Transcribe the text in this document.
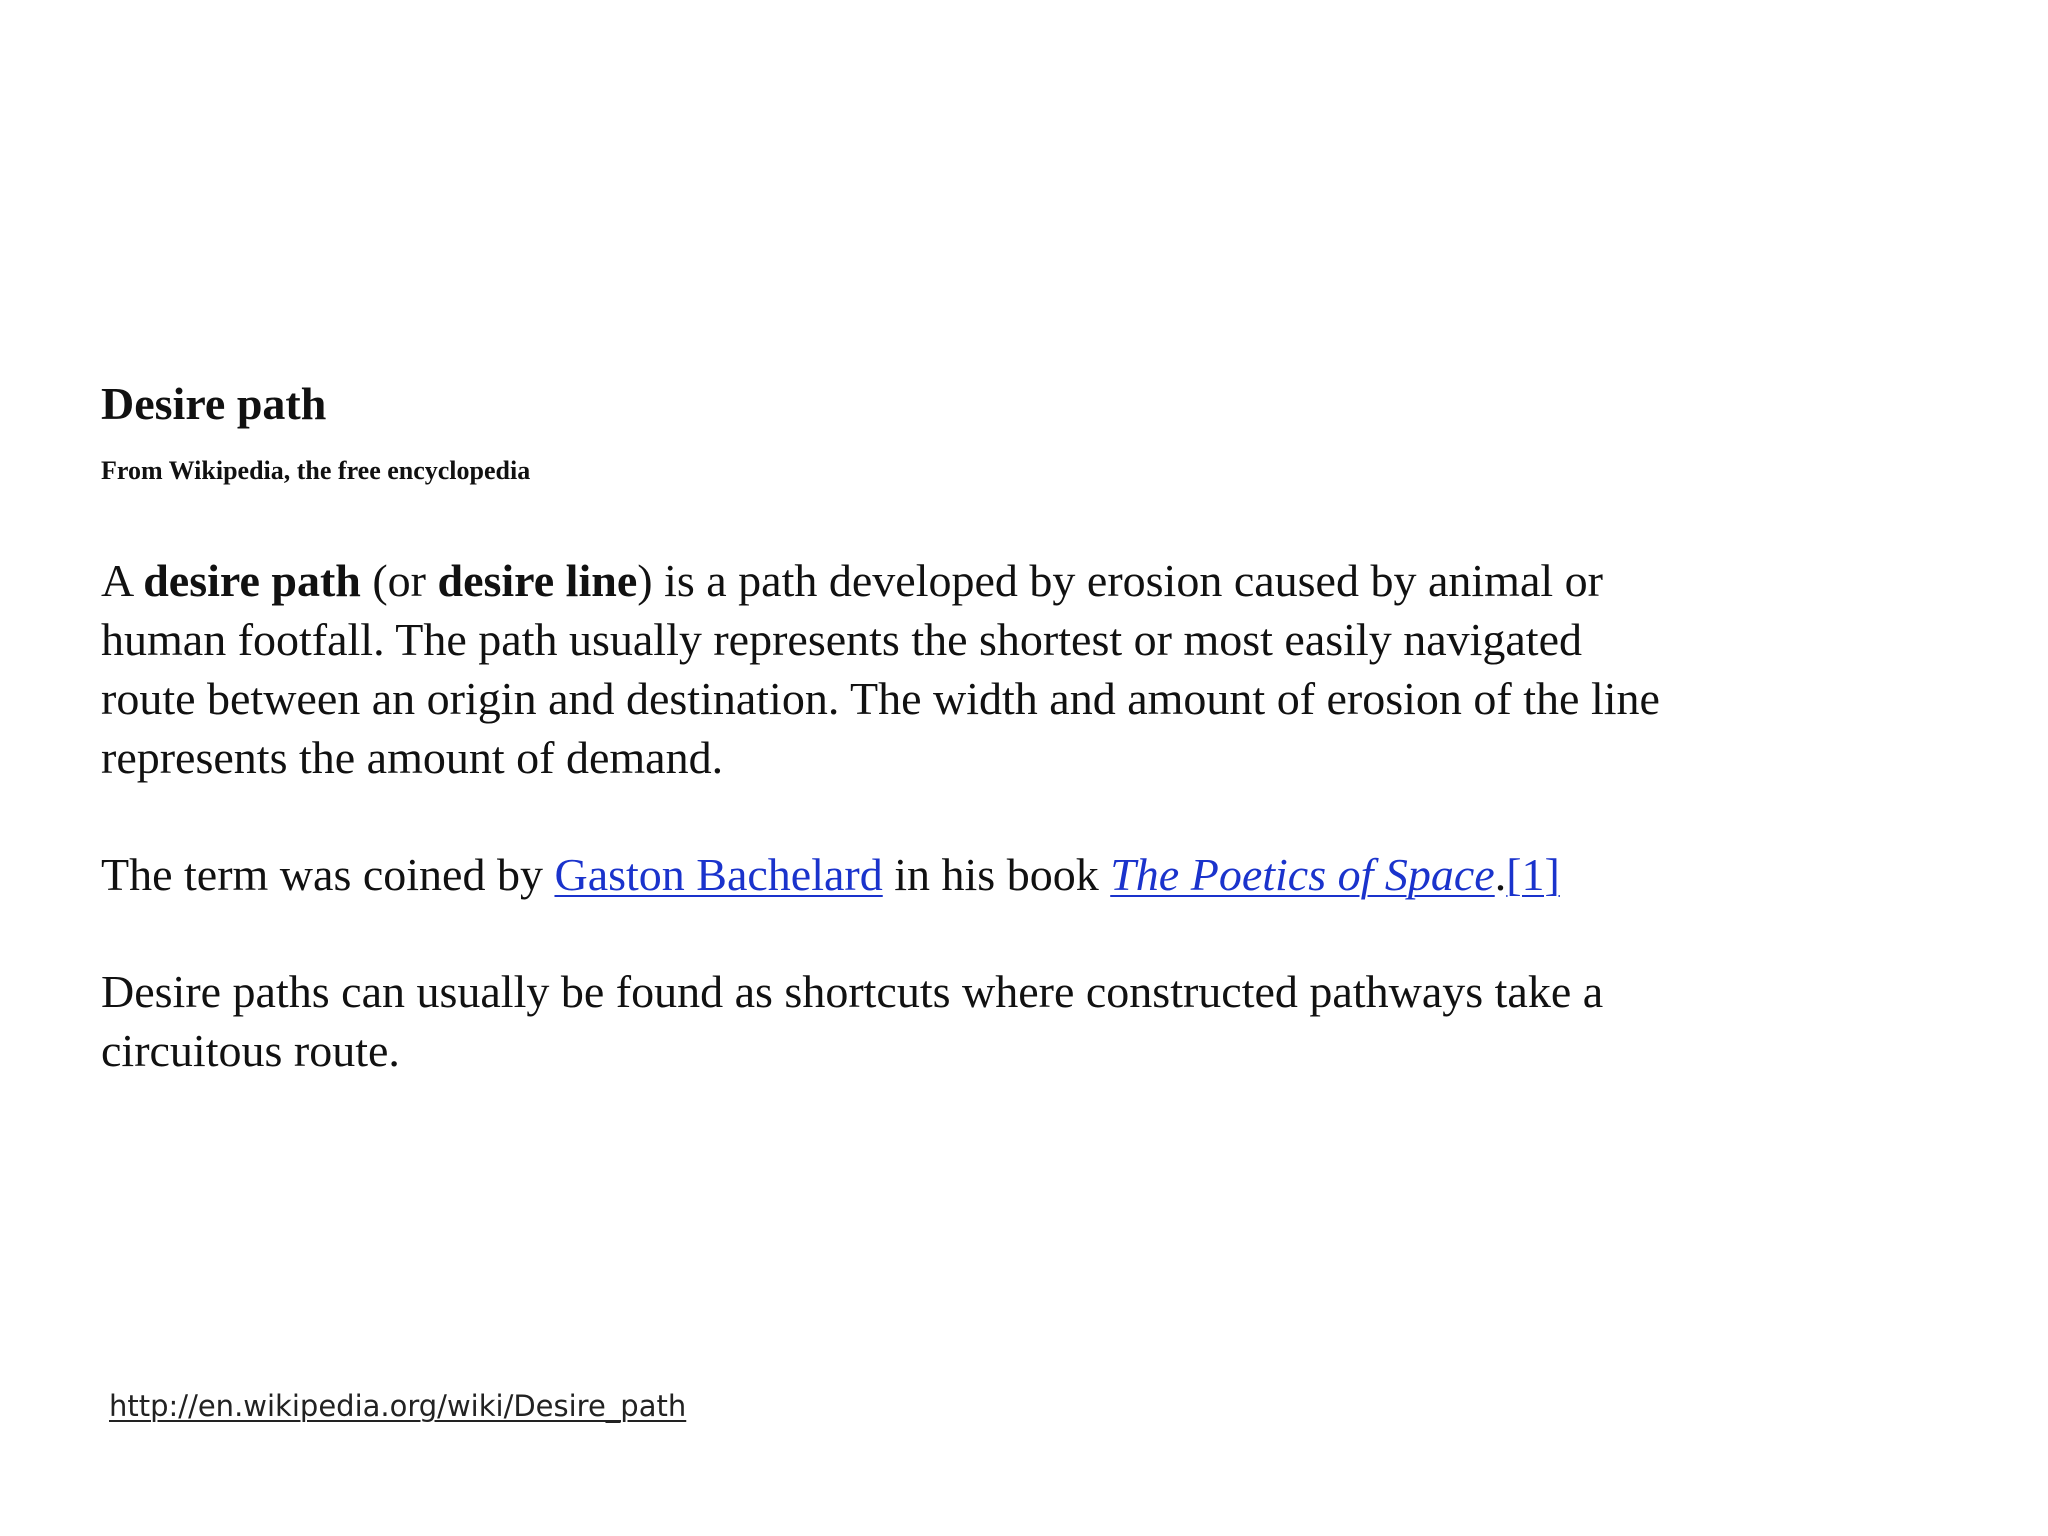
Desire path
From Wikipedia, the free encyclopedia

A desire path (or desire line) is a path developed by erosion caused by animal or human footfall. The path usually represents the shortest or most easily navigated route between an origin and destination. The width and amount of erosion of the line represents the amount of demand.

The term was coined by Gaston Bachelard in his book The Poetics of Space.[1]

Desire paths can usually be found as shortcuts where constructed pathways take a circuitous route.

http://en.wikipedia.org/wiki/Desire_path
